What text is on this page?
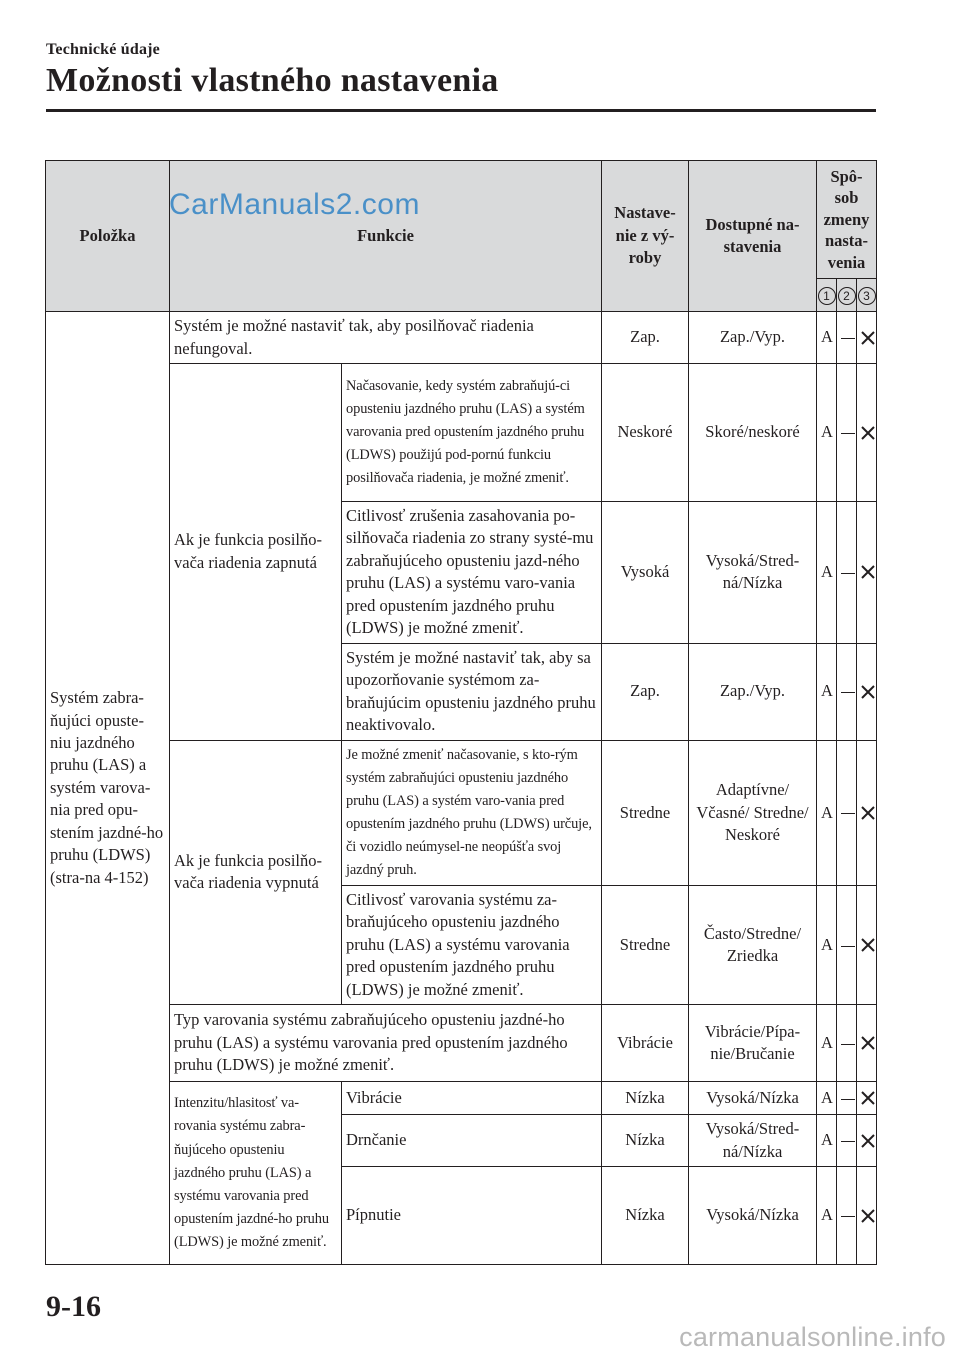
Technické údaje
Možnosti vlastného nastavenia
Položka	Funkcie		Nastave-nie z vý-roby	Dostupné na-stavenia	Spô-sob zmeny nasta-venia		
					1	2	3
Systém zabra-ňujúci opuste-niu jazdného pruhu (LAS) a systém varova-nia pred opu-stením jazdné-ho pruhu (LDWS) (stra-na 4-152)	Systém je možné nastaviť tak, aby posilňovač riadenia nefungoval.		Zap.	Zap./Vyp.	A		

	Ak je funkcia posilňo-vača riadenia zapnutá	Načasovanie, kedy systém zabraňujú-ci opusteniu jazdného pruhu (LAS) a systém varovania pred opustením jazdného pruhu (LDWS) použijú pod-pornú funkciu posilňovača riadenia, je možné zmeniť.	Neskoré	Skoré/neskoré	A		

		Citlivosť zrušenia zasahovania po-silňovača riadenia zo strany systé-mu zabraňujúceho opusteniu jazd-ného pruhu (LAS) a systému varo-vania pred opustením jazdného pruhu (LDWS) je možné zmeniť.	Vysoká	Vysoká/Stred-ná/Nízka	A		

		Systém je možné nastaviť tak, aby sa upozorňovanie systémom za-braňujúcim opusteniu jazdného pruhu neaktivovalo.	Zap.	Zap./Vyp.	A		

	Ak je funkcia posilňo-vača riadenia vypnutá	Je možné zmeniť načasovanie, s kto-rým systém zabraňujúci opusteniu jazdného pruhu (LAS) a systém varo-vania pred opustením jazdného pruhu (LDWS) určuje, či vozidlo neúmysel-ne neopúšťa svoj jazdný pruh.	Stredne	Adaptívne/ Včasné/ Stredne/ Neskoré	A		

		Citlivosť varovania systému za-braňujúceho opusteniu jazdného pruhu (LAS) a systému varovania pred opustením jazdného pruhu (LDWS) je možné zmeniť.	Stredne	Často/Stredne/ Zriedka	A		

	Typ varovania systému zabraňujúceho opusteniu jazdné-ho pruhu (LAS) a systému varovania pred opustením jazdného pruhu (LDWS) je možné zmeniť.		Vibrácie	Vibrácie/Pípa-nie/Bručanie	A		

	Intenzitu/hlasitosť va-rovania systému zabra-ňujúceho opusteniu jazdného pruhu (LAS) a systému varovania pred opustením jazdné-ho pruhu (LDWS) je možné zmeniť.	Vibrácie	Nízka	Vysoká/Nízka	A		

		Drnčanie	Nízka	Vysoká/Stred-ná/Nízka	A		

		Pípnutie	Nízka	Vysoká/Nízka	A		
CarManuals2.com
9-16
carmanualsonline.info
